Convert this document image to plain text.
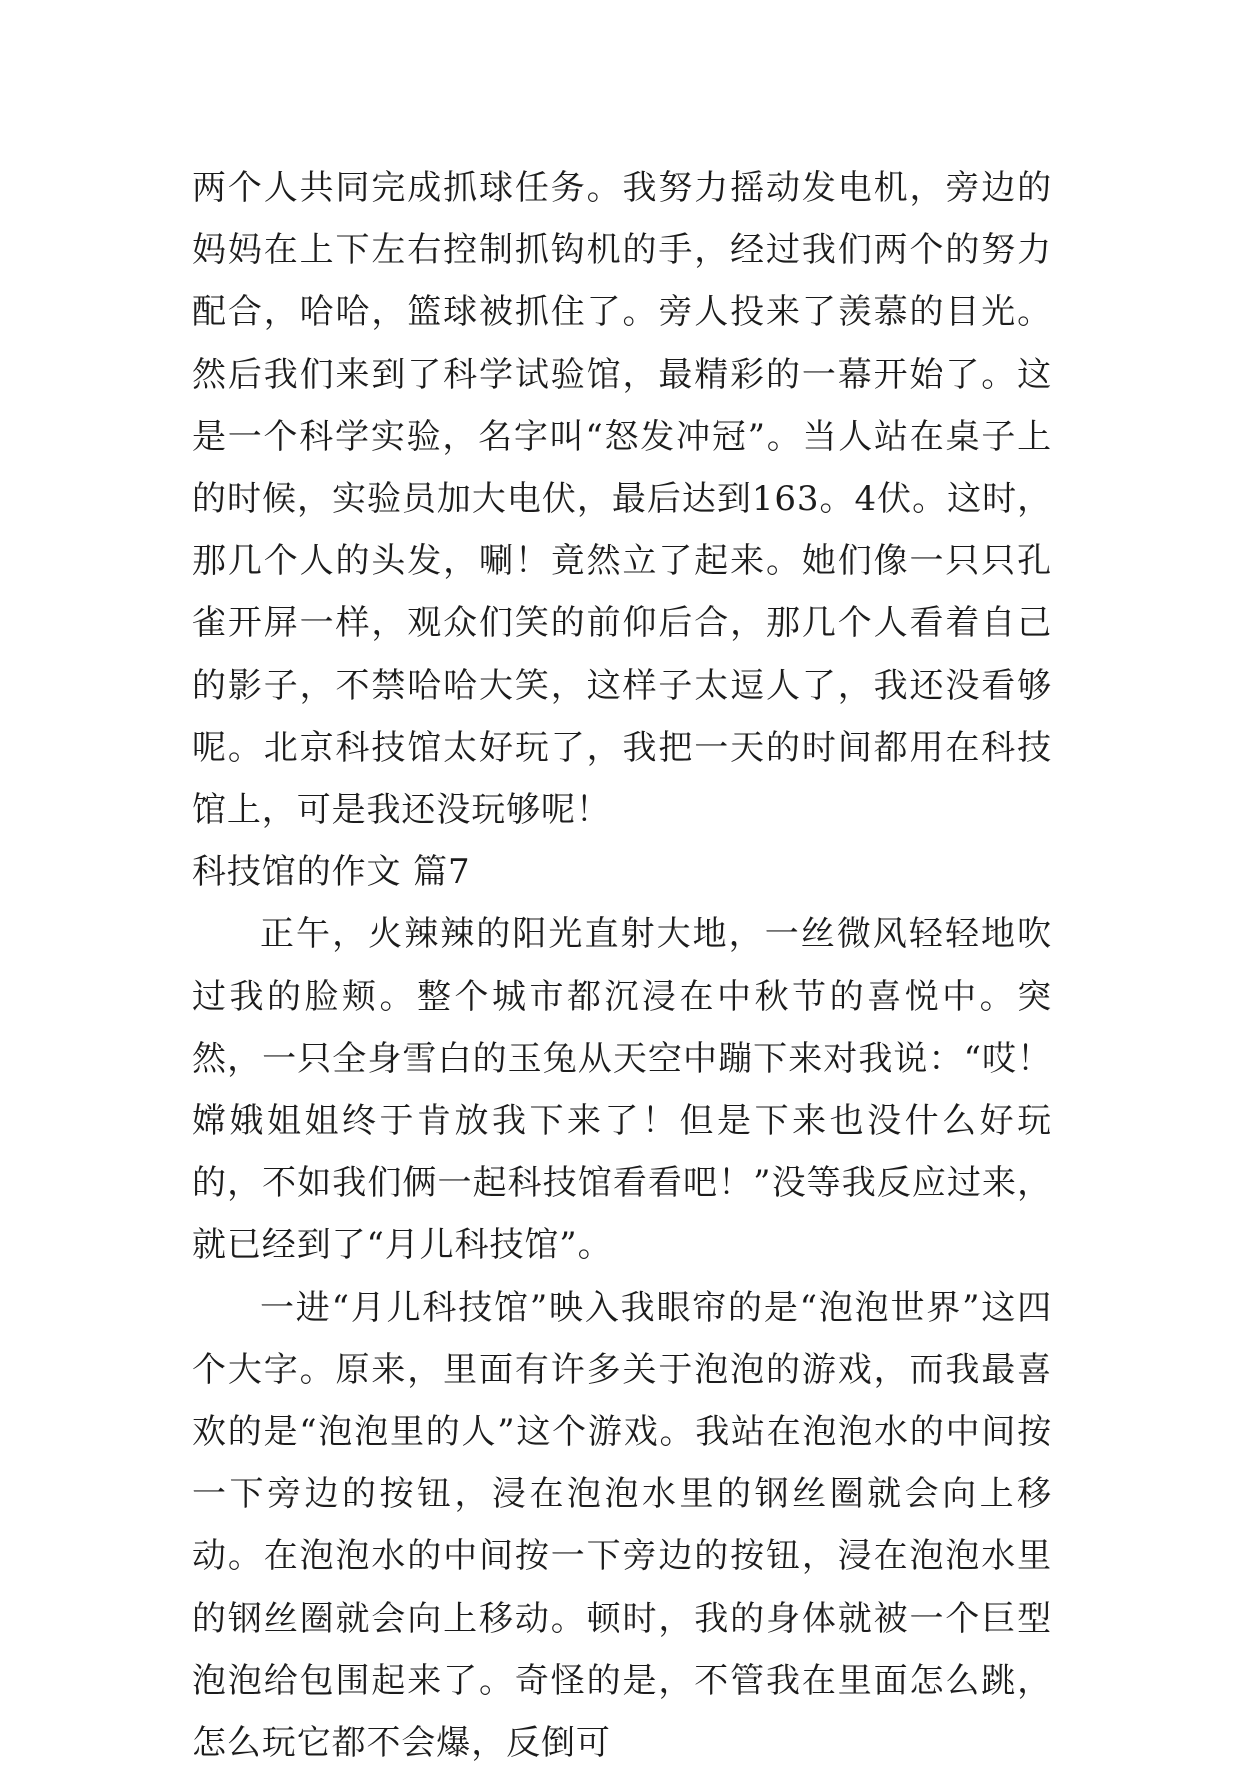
两个人共同完成抓球任务。我努力摇动发电机，旁边的妈妈在上下左右控制抓钩机的手，经过我们两个的努力配合，哈哈，篮球被抓住了。旁人投来了羡慕的目光。然后我们来到了科学试验馆，最精彩的一幕开始了。这是一个科学实验，名字叫“怒发冲冠”。当人站在桌子上的时候，实验员加大电伏，最后达到163。4伏。这时，那几个人的头发，唰！竟然立了起来。她们像一只只孔雀开屏一样，观众们笑的前仰后合，那几个人看着自己的影子，不禁哈哈大笑，这样子太逗人了，我还没看够呢。北京科技馆太好玩了，我把一天的时间都用在科技馆上，可是我还没玩够呢！

科技馆的作文 篇7

正午，火辣辣的阳光直射大地，一丝微风轻轻地吹过我的脸颊。整个城市都沉浸在中秋节的喜悦中。突然，一只全身雪白的玉兔从天空中蹦下来对我说：“哎！嫦娥姐姐终于肯放我下来了！但是下来也没什么好玩的，不如我们俩一起科技馆看看吧！”没等我反应过来，就已经到了“月儿科技馆”。

一进“月儿科技馆”映入我眼帘的是“泡泡世界”这四个大字。原来，里面有许多关于泡泡的游戏，而我最喜欢的是“泡泡里的人”这个游戏。我站在泡泡水的中间按一下旁边的按钮，浸在泡泡水里的钢丝圈就会向上移动。在泡泡水的中间按一下旁边的按钮，浸在泡泡水里的钢丝圈就会向上移动。顿时，我的身体就被一个巨型泡泡给包围起来了。奇怪的是，不管我在里面怎么跳，怎么玩它都不会爆，反倒可
